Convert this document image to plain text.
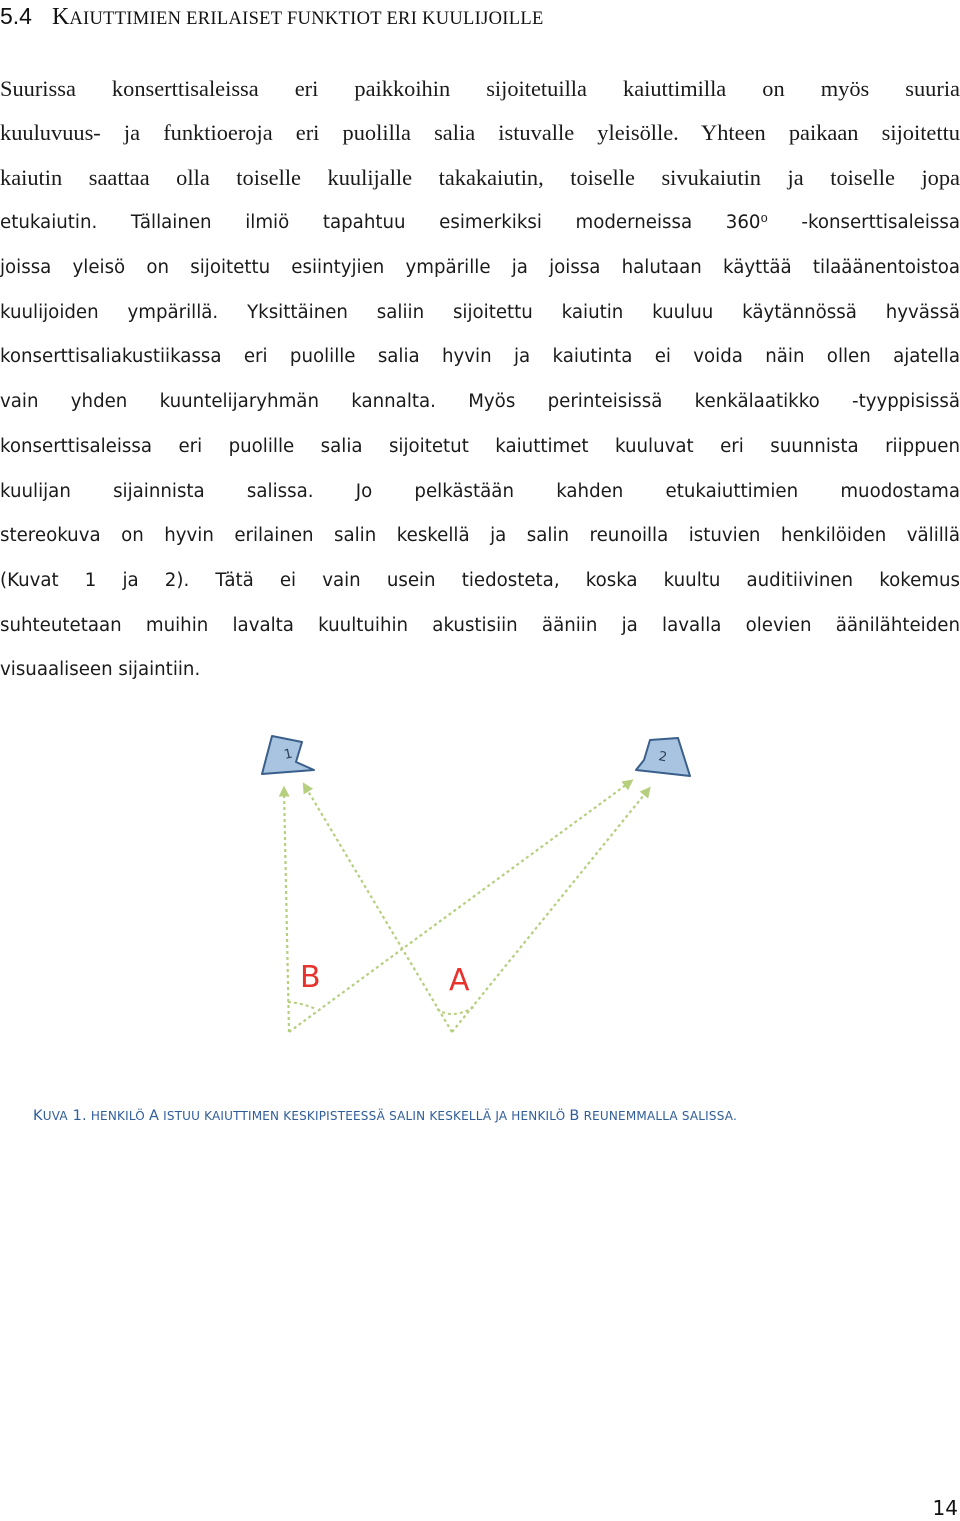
5.4 KAIUTTIMIEN ERILAISET FUNKTIOT ERI KUULIJOILLE
Suurissa konserttisaleissa eri paikkoihin sijoitetuilla kaiuttimilla on myös suuria
kuuluvuus- ja funktioeroja eri puolilla salia istuvalle yleisölle. Yhteen paikaan sijoitettu
kaiutin saattaa olla toiselle kuulijalle takakaiutin, toiselle sivukaiutin ja toiselle jopa
etukaiutin. Tällainen ilmiö tapahtuu esimerkiksi moderneissa 360⁰ -konserttisaleissa
joissa yleisö on sijoitettu esiintyjien ympärille ja joissa halutaan käyttää tilaäänentoistoa
kuulijoiden ympärillä. Yksittäinen saliin sijoitettu kaiutin kuuluu käytännössä hyvässä
konserttisaliakustiikassa eri puolille salia hyvin ja kaiutinta ei voida näin ollen ajatella
vain yhden kuuntelijaryhmän kannalta. Myös perinteisissä kenkälaatikko -tyyppisissä
konserttisaleissa eri puolille salia sijoitetut kaiuttimet kuuluvat eri suunnista riippuen
kuulijan sijainnista salissa. Jo pelkästään kahden etukaiuttimien muodostama
stereokuva on hyvin erilainen salin keskellä ja salin reunoilla istuvien henkilöiden välillä
(Kuvat 1 ja 2). Tätä ei vain usein tiedosteta, koska kuultu auditiivinen kokemus
suhteutetaan muihin lavalta kuultuihin akustisiin ääniin ja lavalla olevien äänilähteiden
visuaaliseen sijaintiin.
1	2
B	A
KUVA 1. HENKILÖ A ISTUU KAIUTTIMEN KESKIPISTEESSÄ SALIN KESKELLÄ JA HENKILÖ B REUNEMMALLA SALISSA.
14
